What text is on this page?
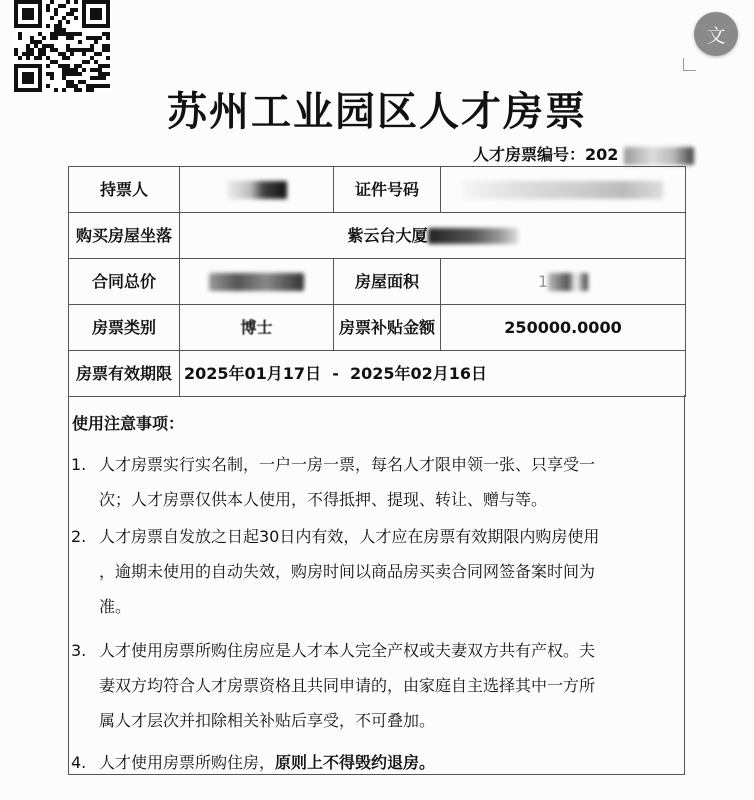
文
苏州工业园区人才房票
人才房票编号：202
持票人		证件号码	
购买房屋坐落	紫云台大厦		
合同总价		房屋面积	1
房票类别	博士	房票补贴金额	250000.0000
房票有效期限	2025年01月17日  -  2025年02月16日		
使用注意事项：
1. 人才房票实行实名制，一户一房一票，每名人才限申领一张、只享受一
次；人才房票仅供本人使用，不得抵押、提现、转让、赠与等。
2. 人才房票自发放之日起30日内有效，人才应在房票有效期限内购房使用
，逾期未使用的自动失效，购房时间以商品房买卖合同网签备案时间为
准。
3. 人才使用房票所购住房应是人才本人完全产权或夫妻双方共有产权。夫
妻双方均符合人才房票资格且共同申请的，由家庭自主选择其中一方所
属人才层次并扣除相关补贴后享受，不可叠加。
4. 人才使用房票所购住房，原则上不得毁约退房。
